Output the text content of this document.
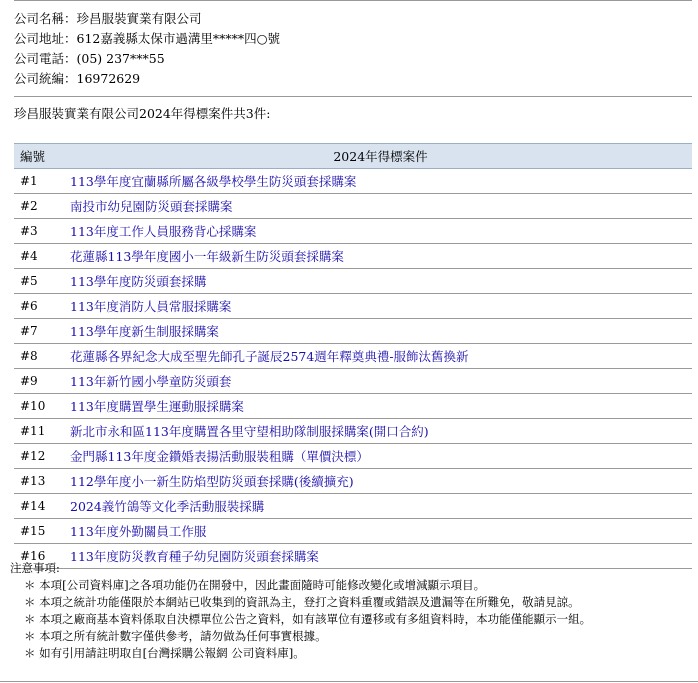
公司名稱：珍昌服裝實業有限公司
公司地址：612嘉義縣太保市過溝里*****四○號
公司電話：(05) 237***55
公司統編：16972629
珍昌服裝實業有限公司2024年得標案件共3件:
編號	2024年得標案件
#1	113學年度宜蘭縣所屬各級學校學生防災頭套採購案
#2	南投市幼兒園防災頭套採購案
#3	113年度工作人員服務背心採購案
#4	花蓮縣113學年度國小一年級新生防災頭套採購案
#5	113學年度防災頭套採購
#6	113年度消防人員常服採購案
#7	113學年度新生制服採購案
#8	花蓮縣各界紀念大成至聖先師孔子誕辰2574週年釋奠典禮-服飾汰舊換新
#9	113年新竹國小學童防災頭套
#10	113年度購置學生運動服採購案
#11	新北市永和區113年度購置各里守望相助隊制服採購案(開口合約)
#12	金門縣113年度金鑽婚表揚活動服裝租購（單價決標）
#13	112學年度小一新生防焰型防災頭套採購(後續擴充)
#14	2024義竹鴿等文化季活動服裝採購
#15	113年度外勤關員工作服
#16	113年度防災教育種子幼兒園防災頭套採購案
注意事項:
＊ 本項[公司資料庫]之各項功能仍在開發中，因此畫面隨時可能修改變化或增減顯示項目。
＊ 本項之統計功能僅限於本網站已收集到的資訊為主，登打之資料重覆或錯誤及遺漏等在所難免，敬請見諒。
＊ 本項之廠商基本資料係取自決標單位公告之資料，如有該單位有遷移或有多組資料時，本功能僅能顯示一組。
＊ 本項之所有統計數字僅供參考，請勿做為任何事實根據。
＊ 如有引用請註明取自[台灣採購公報網 公司資料庫]。
